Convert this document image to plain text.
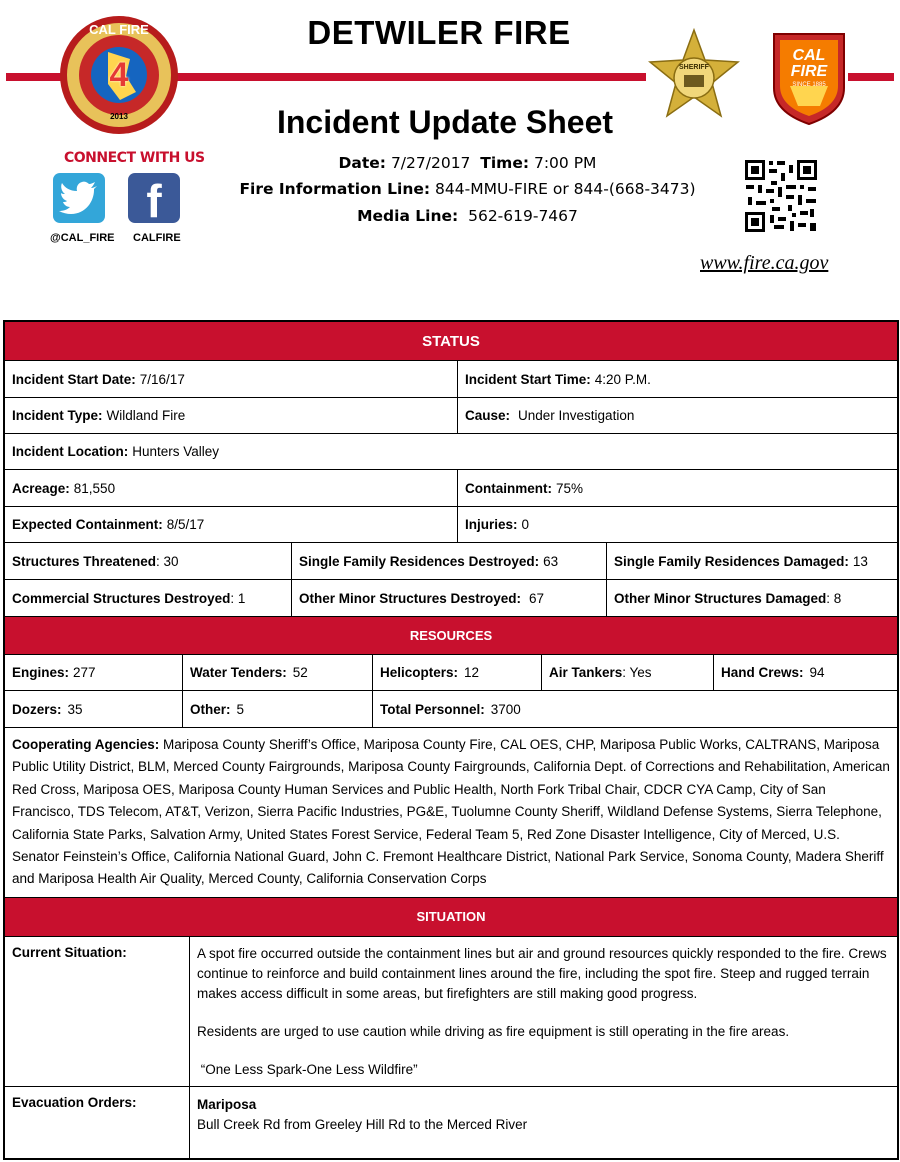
CAL FIRE
4
2013
DETWILER FIRE
SHERIFF
CAL
FIRE
SINCE 1885
Incident Update Sheet
Date: 7/27/2017 Time: 7:00 PM
Fire Information Line: 844-MMU-FIRE or 844-(668-3473)
Media Line: 562-619-7467
CONNECT WITH US
f
@CAL_FIRE CALFIRE
www.fire.ca.gov
STATUS
Incident Start Date: 7/16/17	Incident Start Time: 4:20 P.M.
Incident Type: Wildland Fire	Cause: Under Investigation
Incident Location: Hunters Valley
Acreage: 81,550	Containment: 75%
Expected Containment: 8/5/17	Injuries: 0
Structures Threatened : 30	Single Family Residences Destroyed: 63	Single Family Residences Damaged: 13
Commercial Structures Destroyed : 1	Other Minor Structures Destroyed: 67	Other Minor Structures Damaged : 8
RESOURCES
Engines: 277	Water Tenders: 52	Helicopters: 12	Air Tankers : Yes	Hand Crews: 94
Dozers: 35	Other: 5	Total Personnel: 3700
Cooperating Agencies: Mariposa County Sheriff’s Office, Mariposa County Fire, CAL OES, CHP, Mariposa Public Works, CALTRANS, Mariposa Public Utility District, BLM, Merced County Fairgrounds, Mariposa County Fairgrounds, California Dept. of Corrections and Rehabilitation, American Red Cross, Mariposa OES, Mariposa County Human Services and Public Health, North Fork Tribal Chair, CDCR CYA Camp, City of San Francisco, TDS Telecom, AT&T, Verizon, Sierra Pacific Industries, PG&E, Tuolumne County Sheriff, Wildland Defense Systems, Sierra Telephone, California State Parks, Salvation Army, United States Forest Service, Federal Team 5, Red Zone Disaster Intelligence, City of Merced, U.S. Senator Feinstein’s Office, California National Guard, John C. Fremont Healthcare District, National Park Service, Sonoma County, Madera Sheriff and Mariposa Health Air Quality, Merced County, California Conservation Corps
SITUATION
Current Situation:	A spot fire occurred outside the containment lines but air and ground resources quickly responded to the fire. Crews continue to reinforce and build containment lines around the fire, including the spot fire. Steep and rugged terrain makes access difficult in some areas, but firefighters are still making good progress.

Residents are urged to use caution while driving as fire equipment is still operating in the fire areas.

“One Less Spark-One Less Wildfire”

Evacuation Orders:	Mariposa
Bull Creek Rd from Greeley Hill Rd to the Merced River
